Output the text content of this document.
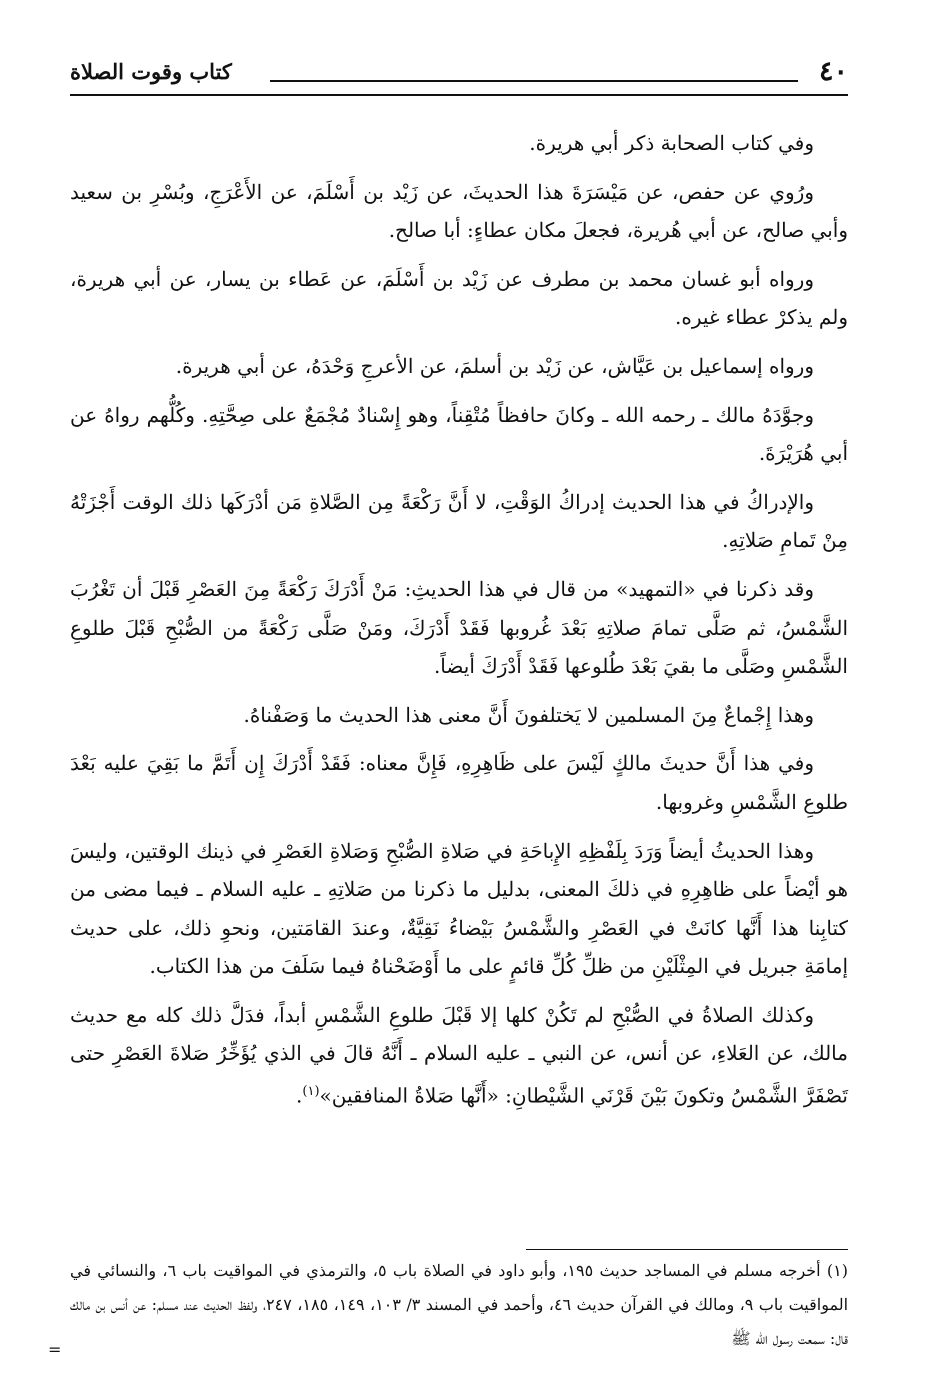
٤٠
كتاب وقوت الصلاة

وفي كتاب الصحابة ذكر أبي هريرة.

ورُوي عن حفص، عن مَيْسَرَةَ هذا الحديثَ، عن زَيْد بن أَسْلَمَ، عن الأَعْرَجِ، وبُسْرِ بن سعيد وأبي صالح، عن أبي هُريرة، فجعلَ مكان عطاءٍ: أبا صالح.

ورواه أبو غسان محمد بن مطرف عن زَيْد بن أَسْلَمَ، عن عَطاء بن يسار، عن أبي هريرة، ولم يذكرْ عطاء غيره.

ورواه إسماعيل بن عَيَّاش، عن زَيْد بن أسلمَ، عن الأعرجِ وَحْدَهُ، عن أبي هريرة.

وجوَّدَهُ مالك ـ رحمه الله ـ وكانَ حافظاً مُتْقِناً، وهو إِسْنادٌ مُجْمَعٌ على صِحَّتِهِ. وكُلُّهم رواهُ عن أبي هُرَيْرَةَ.

والإدراكُ في هذا الحديث إدراكُ الوَقْتِ، لا أَنَّ رَكْعَةً مِن الصَّلاةِ مَن أدْرَكَها ذلك الوقت أَجْزَتْهُ مِنْ تَمامِ صَلاتِهِ.

وقد ذكرنا في «التمهيد» من قال في هذا الحديثِ: مَنْ أَدْرَكَ رَكْعَةً مِنَ العَصْرِ قَبْلَ أن تَغْرُبَ الشَّمْسُ، ثم صَلَّى تمامَ صلاتِهِ بَعْدَ غُروبها فَقَدْ أَدْرَكَ، ومَنْ صَلَّى رَكْعَةً من الصُّبْحِ قَبْلَ طلوعِ الشَّمْسِ وصَلَّى ما بقيَ بَعْدَ طُلوعها فَقَدْ أَدْرَكَ أيضاً.

وهذا إِجْماعٌ مِنَ المسلمين لا يَختلفونَ أَنَّ معنى هذا الحديث ما وَصَفْناهُ.

وفي هذا أَنَّ حديثَ مالكٍ لَيْسَ على ظَاهِرِهِ، فَإِنَّ معناه: فَقَدْ أَدْرَكَ إِن أَتَمَّ ما بَقِيَ عليه بَعْدَ طلوعِ الشَّمْسِ وغروبها.

وهذا الحديثُ أيضاً وَرَدَ بِلَفْظِهِ الإِباحَةِ في صَلاةِ الصُّبْحِ وَصَلاةِ العَصْرِ في ذينك الوقتين، وليسَ هو أيْضاً على ظاهِرِهِ في ذلكَ المعنى، بدليل ما ذكرنا من صَلاتِهِ ـ عليه السلام ـ فيما مضى من كتابِنا هذا أَنَّها كانَتْ في العَصْرِ والشَّمْسُ بَيْضاءُ نَقِيَّةٌ، وعندَ القامَتين، ونحوِ ذلك، على حديث إمامَةِ جبريل في المِثْلَيْنِ من ظلِّ كُلِّ قائمٍ على ما أَوْضَحْناهُ فيما سَلَفَ من هذا الكتاب.

وكذلك الصلاةُ في الصُّبْحِ لم تَكُنْ كلها إلا قَبْلَ طلوعِ الشَّمْسِ أبداً، فدَلَّ ذلك كله مع حديث مالك، عن العَلاءِ، عن أنس، عن النبي ـ عليه السلام ـ أَنَّهُ قالَ في الذي يُؤَخِّرُ صَلاةَ العَصْرِ حتى تَصْفَرَّ الشَّمْسُ وتكونَ بَيْنَ قَرْنَي الشَّيْطانِ: «أَنَّها صَلاةُ المنافقين»$^{(١)}$.

(١) أخرجه مسلم في المساجد حديث ١٩٥، وأبو داود في الصلاة باب ٥، والترمذي في المواقيت باب ٦، والنسائي في المواقيت باب ٩، ومالك في القرآن حديث ٤٦، وأحمد في المسند ٣/ ١٠٣، ١٤٩، ١٨٥، ٢٤٧، ولفظ الحديث عند مسلم: عن أنس بن مالك قال: سمعت رسول الله ﷺ

=
